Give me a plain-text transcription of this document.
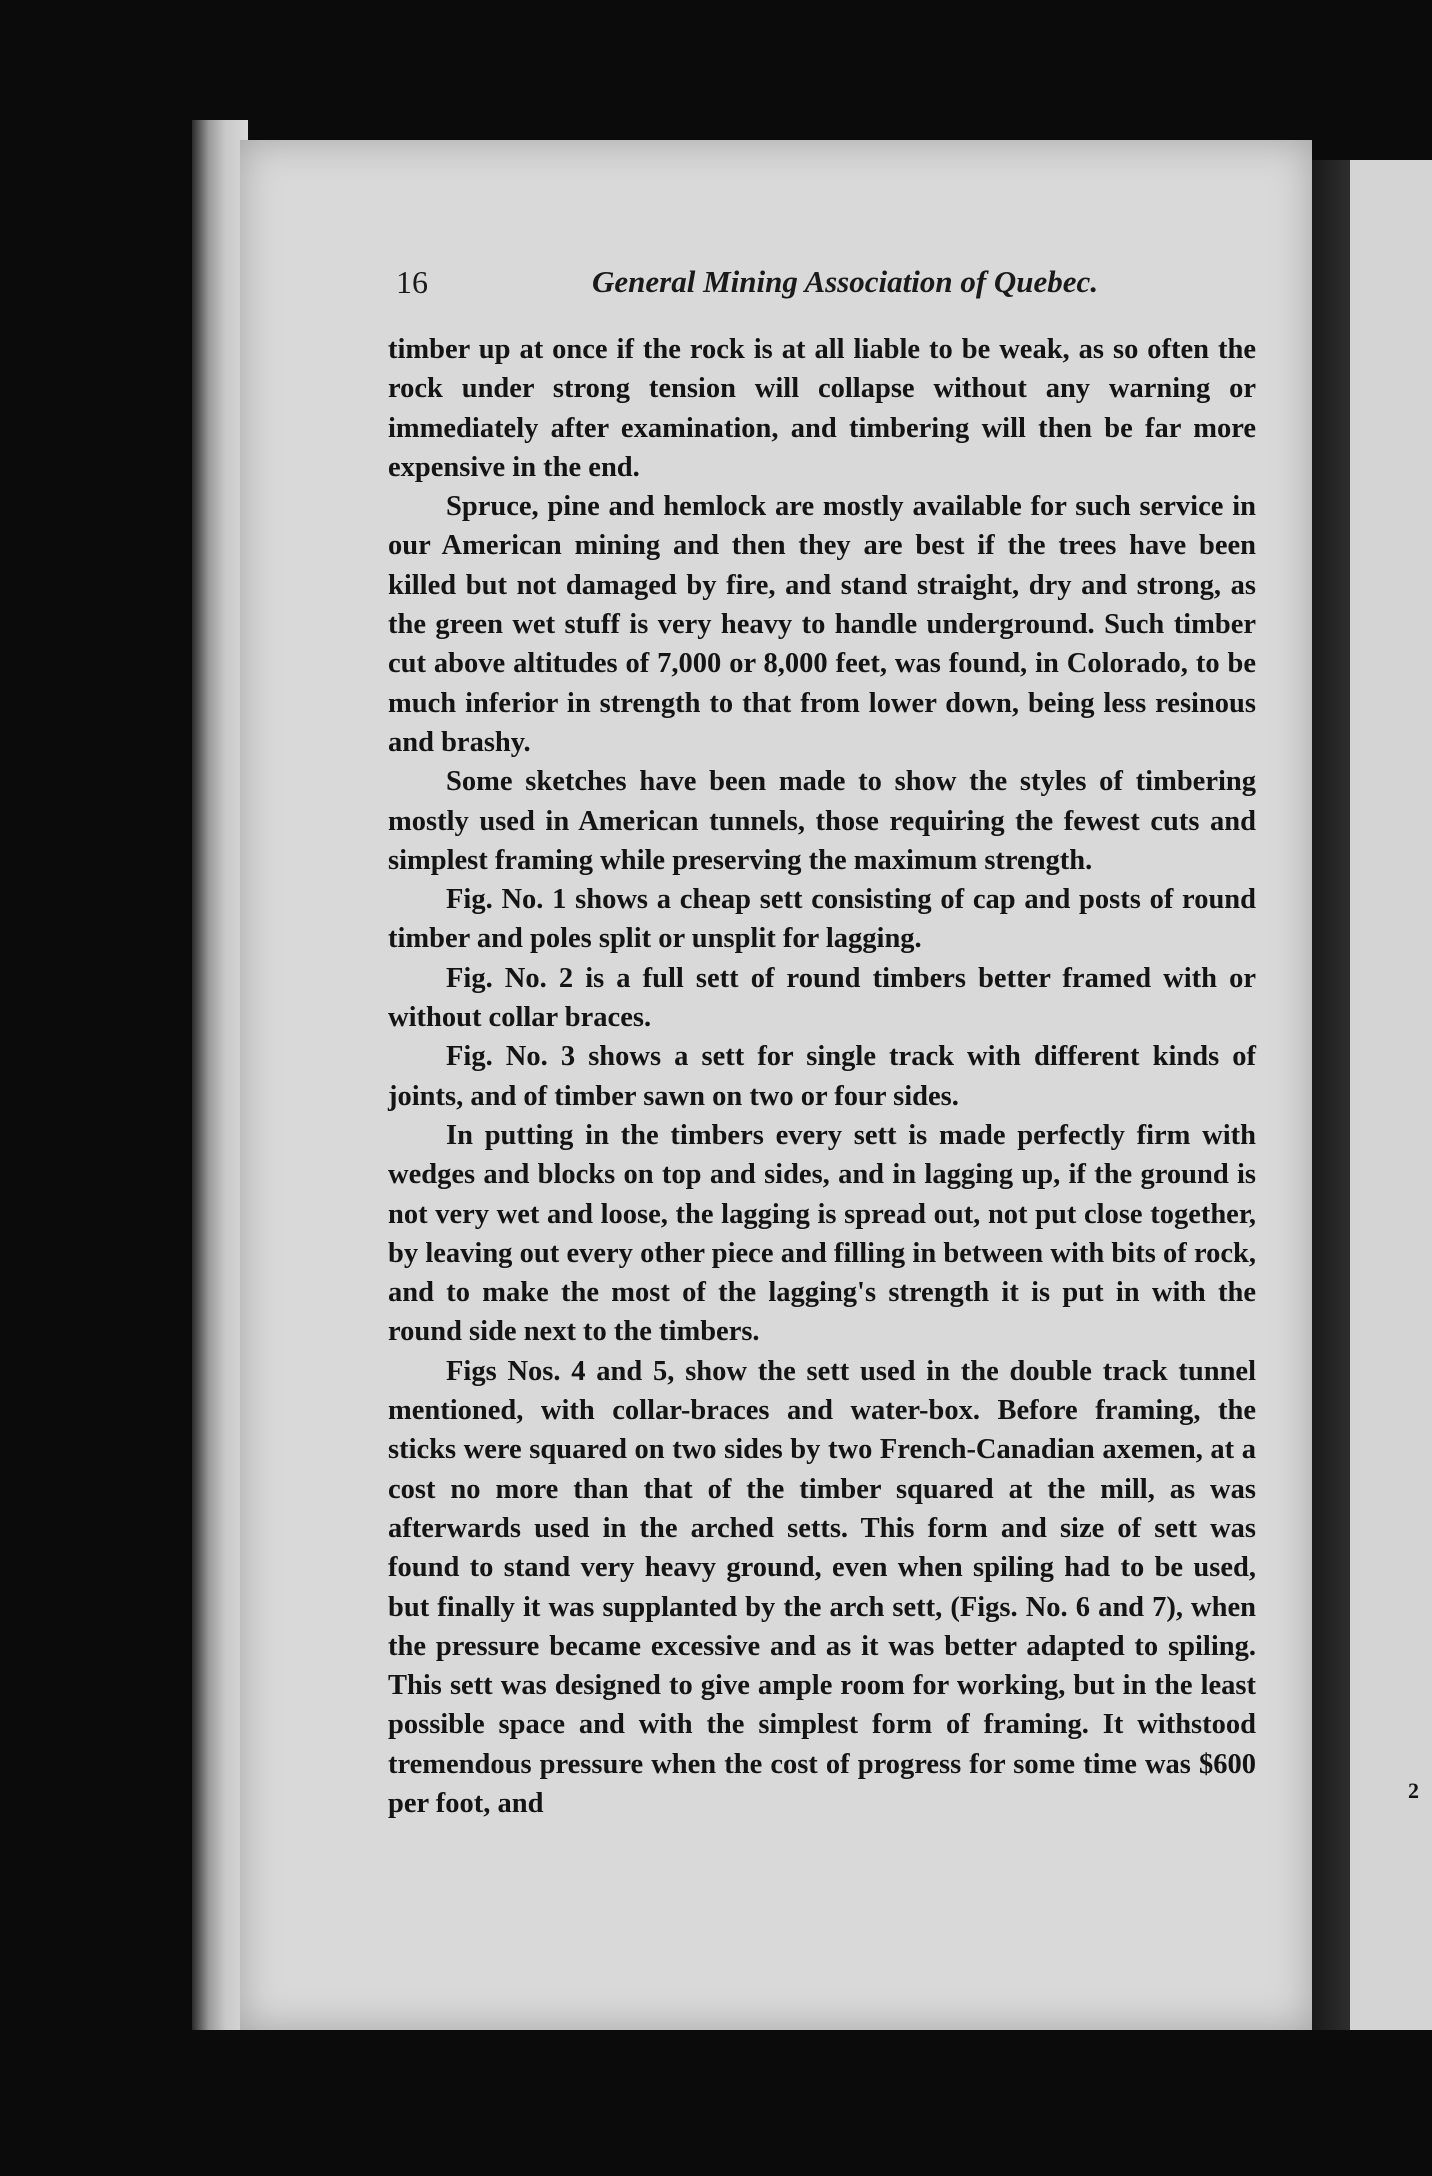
2
16	General Mining Association of Quebec.

timber up at once if the rock is at all liable to be weak, as so often the rock under strong tension will collapse without any warning or immediately after examination, and timbering will then be far more expensive in the end.

Spruce, pine and hemlock are mostly available for such service in our American mining and then they are best if the trees have been killed but not damaged by fire, and stand straight, dry and strong, as the green wet stuff is very heavy to handle underground. Such timber cut above altitudes of 7,000 or 8,000 feet, was found, in Colorado, to be much inferior in strength to that from lower down, being less resinous and brashy.

Some sketches have been made to show the styles of timbering mostly used in American tunnels, those requiring the fewest cuts and simplest framing while preserving the maximum strength.

Fig. No. 1 shows a cheap sett consisting of cap and posts of round timber and poles split or unsplit for lagging.

Fig. No. 2 is a full sett of round timbers better framed with or without collar braces.

Fig. No. 3 shows a sett for single track with different kinds of joints, and of timber sawn on two or four sides.

In putting in the timbers every sett is made perfectly firm with wedges and blocks on top and sides, and in lagging up, if the ground is not very wet and loose, the lagging is spread out, not put close together, by leaving out every other piece and filling in between with bits of rock, and to make the most of the lagging's strength it is put in with the round side next to the timbers.

Figs Nos. 4 and 5, show the sett used in the double track tunnel mentioned, with collar-braces and water-box. Before framing, the sticks were squared on two sides by two French-Canadian axemen, at a cost no more than that of the timber squared at the mill, as was afterwards used in the arched setts. This form and size of sett was found to stand very heavy ground, even when spiling had to be used, but finally it was supplanted by the arch sett, (Figs. No. 6 and 7), when the pressure became excessive and as it was better adapted to spiling. This sett was designed to give ample room for working, but in the least possible space and with the simplest form of framing. It withstood tremendous pressure when the cost of progress for some time was $600 per foot, and
